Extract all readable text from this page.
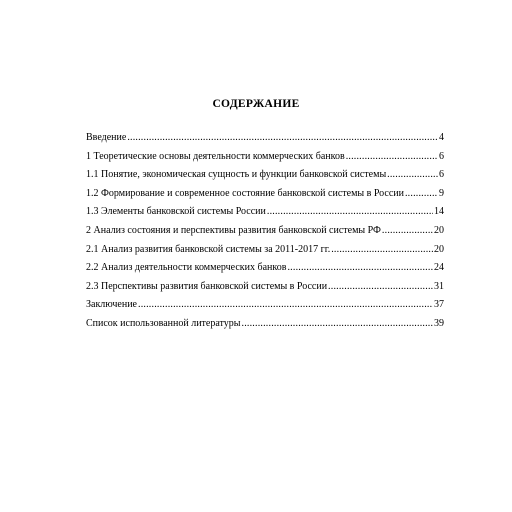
СОДЕРЖАНИЕ
Введение .....	4
1 Теоретические основы деятельности коммерческих банков .....	6
1.1 Понятие, экономическая сущность и функции банковской системы .....	6
1.2 Формирование и современное состояние банковской системы в России .....	9
1.3 Элементы банковской системы России .....	14
2 Анализ состояния и перспективы развития банковской системы РФ .....	20
2.1 Анализ развития банковской системы за 2011-2017 гг. .....	20
2.2 Анализ деятельности коммерческих банков .....	24
2.3 Перспективы развития банковской системы в России .....	31
Заключение .....	37
Список использованной литературы .....	39
